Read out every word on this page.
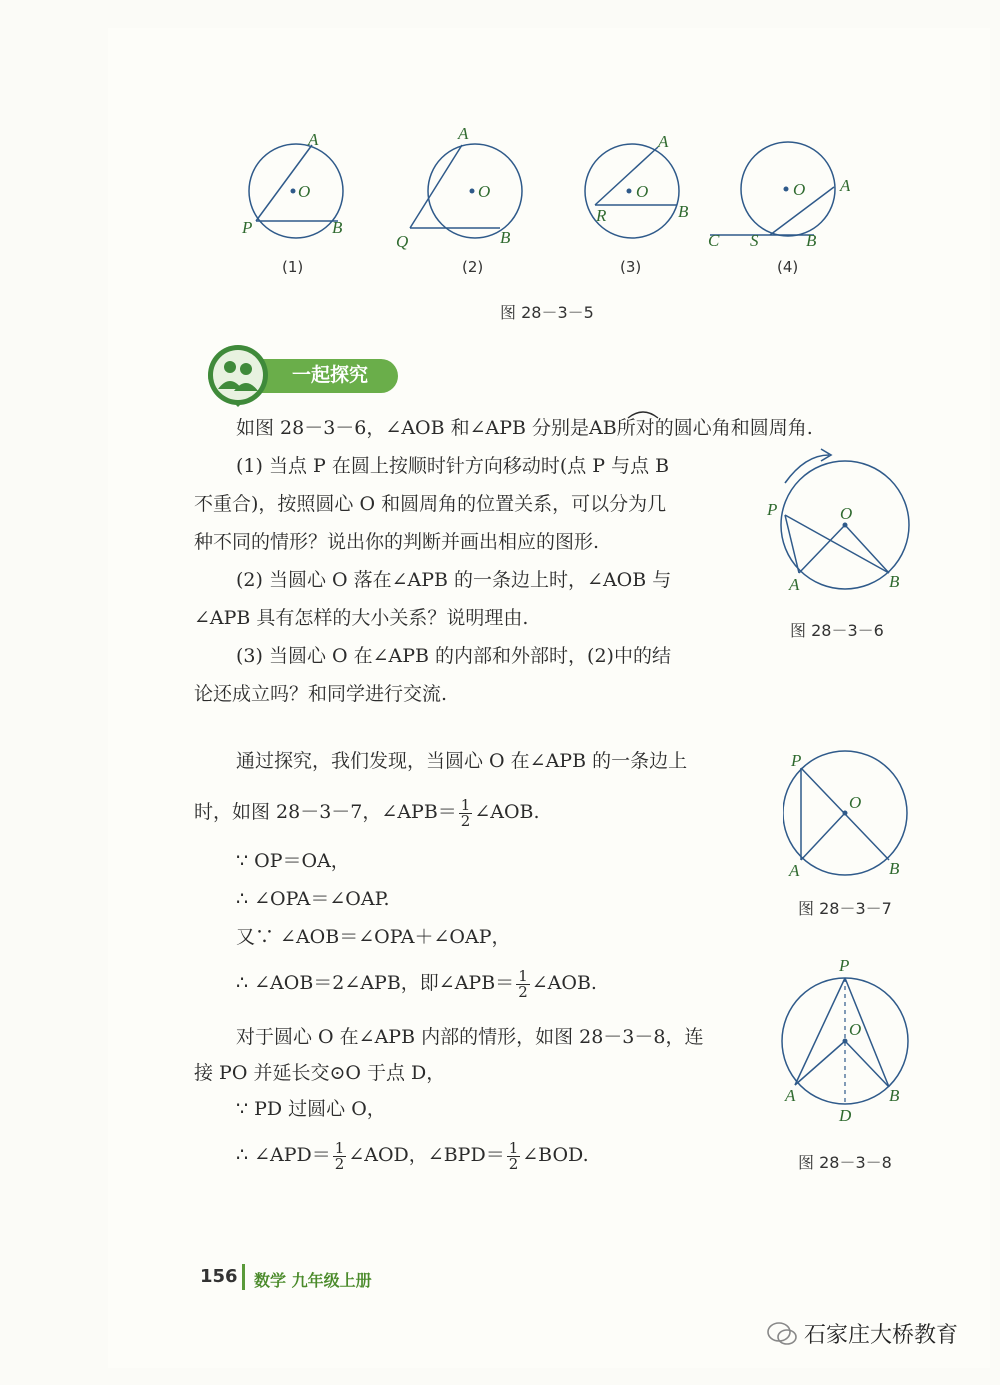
O
A
P	B
O
A
Q	B
O
A
R	B
O A
C S	B
(1)	(2)	(3)	(4)
图 28－3－5
一起探究
如图 28－3－6，∠AOB 和∠APB 分别是AB所对的圆心角和圆周角.
(1) 当点 P 在圆上按顺时针方向移动时(点 P 与点 B
不重合)，按照圆心 O 和圆周角的位置关系，可以分为几
种不同的情形？说出你的判断并画出相应的图形.
(2) 当圆心 O 落在∠APB 的一条边上时，∠AOB 与
∠APB 具有怎样的大小关系？说明理由.
(3) 当圆心 O 在∠APB 的内部和外部时，(2)中的结
论还成立吗？和同学进行交流.
P	O
A	B
图 28－3－6
通过探究，我们发现，当圆心 O 在∠APB 的一条边上
时，如图 28－3－7，∠APB＝ $\frac{1}{2}$ ∠AOB.
∵ OP＝OA，
∴ ∠OPA＝∠OAP.
又∵ ∠AOB＝∠OPA＋∠OAP，
∴ ∠AOB＝2∠APB，即∠APB＝ $\frac{1}{2}$ ∠AOB.
P
O
A	B
图 28－3－7
对于圆心 O 在∠APB 内部的情形，如图 28－3－8，连
接 PO 并延长交⊙O 于点 D，
∵ PD 过圆心 O，
∴ ∠APD＝ $\frac{1}{2}$ ∠AOD，∠BPD＝ $\frac{1}{2}$ ∠BOD.
P
O
A	B
D
图 28－3－8
156 数学 九年级上册
石家庄大桥教育
